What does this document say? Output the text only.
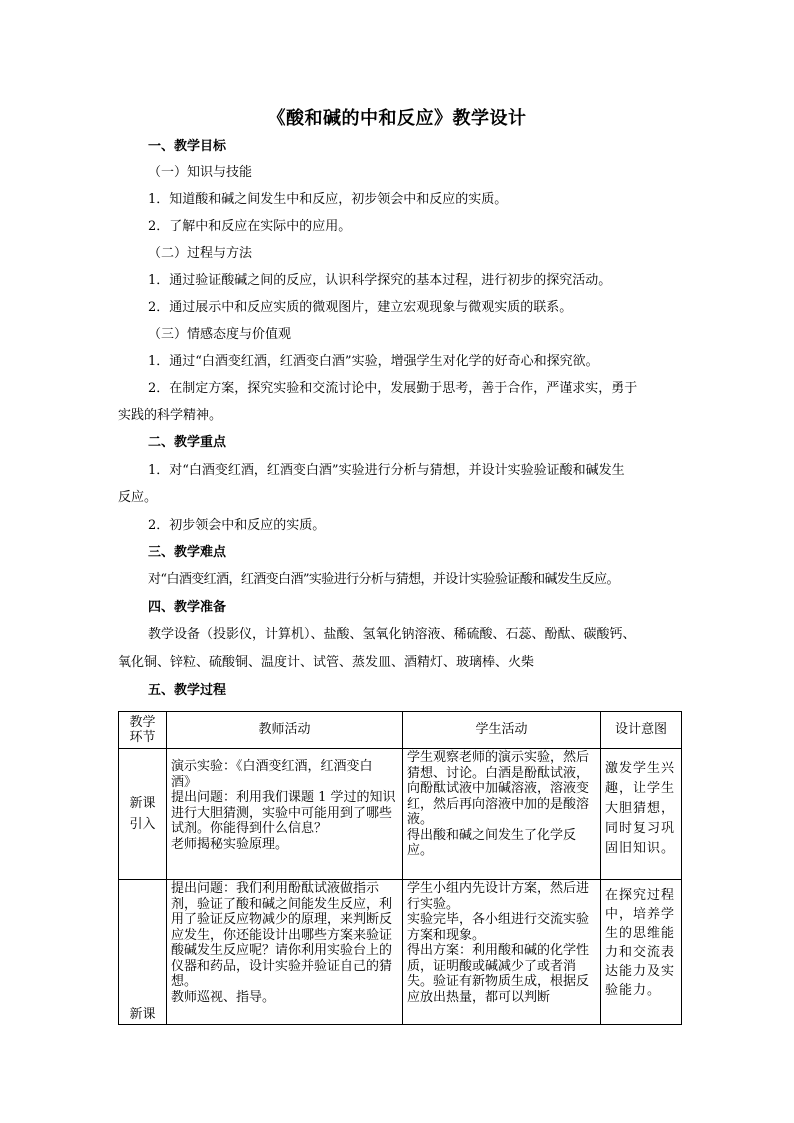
《酸和碱的中和反应》教学设计
一、教学目标
（一）知识与技能
1．知道酸和碱之间发生中和反应，初步领会中和反应的实质。
2．了解中和反应在实际中的应用。
（二）过程与方法
1．通过验证酸碱之间的反应，认识科学探究的基本过程，进行初步的探究活动。
2．通过展示中和反应实质的微观图片，建立宏观现象与微观实质的联系。
（三）情感态度与价值观
1．通过“白酒变红酒，红酒变白酒”实验，增强学生对化学的好奇心和探究欲。
2．在制定方案，探究实验和交流讨论中，发展勤于思考，善于合作，严谨求实，勇于
实践的科学精神。
二、教学重点
1．对“白酒变红酒，红酒变白酒”实验进行分析与猜想，并设计实验验证酸和碱发生
反应。
2．初步领会中和反应的实质。
三、教学难点
对“白酒变红酒，红酒变白酒”实验进行分析与猜想，并设计实验验证酸和碱发生反应。
四、教学准备
教学设备（投影仪，计算机）、盐酸、氢氧化钠溶液、稀硫酸、石蕊、酚酞、碳酸钙、
氧化铜、锌粒、硫酸铜、温度计、试管、蒸发皿、酒精灯、玻璃棒、火柴
五、教学过程
教学
环节	教师活动	学生活动	设计意图
新课
引入	演示实验：《白酒变红酒，红酒变白酒》
提出问题：利用我们课题 1 学过的知识进行大胆猜测，实验中可能用到了哪些试剂。你能得到什么信息？
老师揭秘实验原理。	学生观察老师的演示实验，然后猜想、讨论。白酒是酚酞试液，向酚酞试液中加碱溶液，溶液变红，然后再向溶液中加的是酸溶液。
得出酸和碱之间发生了化学反应。	激发学生兴趣，让学生大胆猜想，同时复习巩固旧知识。
新课	提出问题：我们利用酚酞试液做指示剂，验证了酸和碱之间能发生反应，利用了验证反应物减少的原理，来判断反应发生，你还能设计出哪些方案来验证酸碱发生反应呢？请你利用实验台上的仪器和药品，设计实验并验证自己的猜想。
教师巡视、指导。	学生小组内先设计方案，然后进行实验。
实验完毕，各小组进行交流实验方案和现象。
得出方案：利用酸和碱的化学性质，证明酸或碱减少了或者消失。验证有新物质生成，根据反应放出热量，都可以判断	在探究过程中，培养学生的思维能力和交流表达能力及实验能力。
